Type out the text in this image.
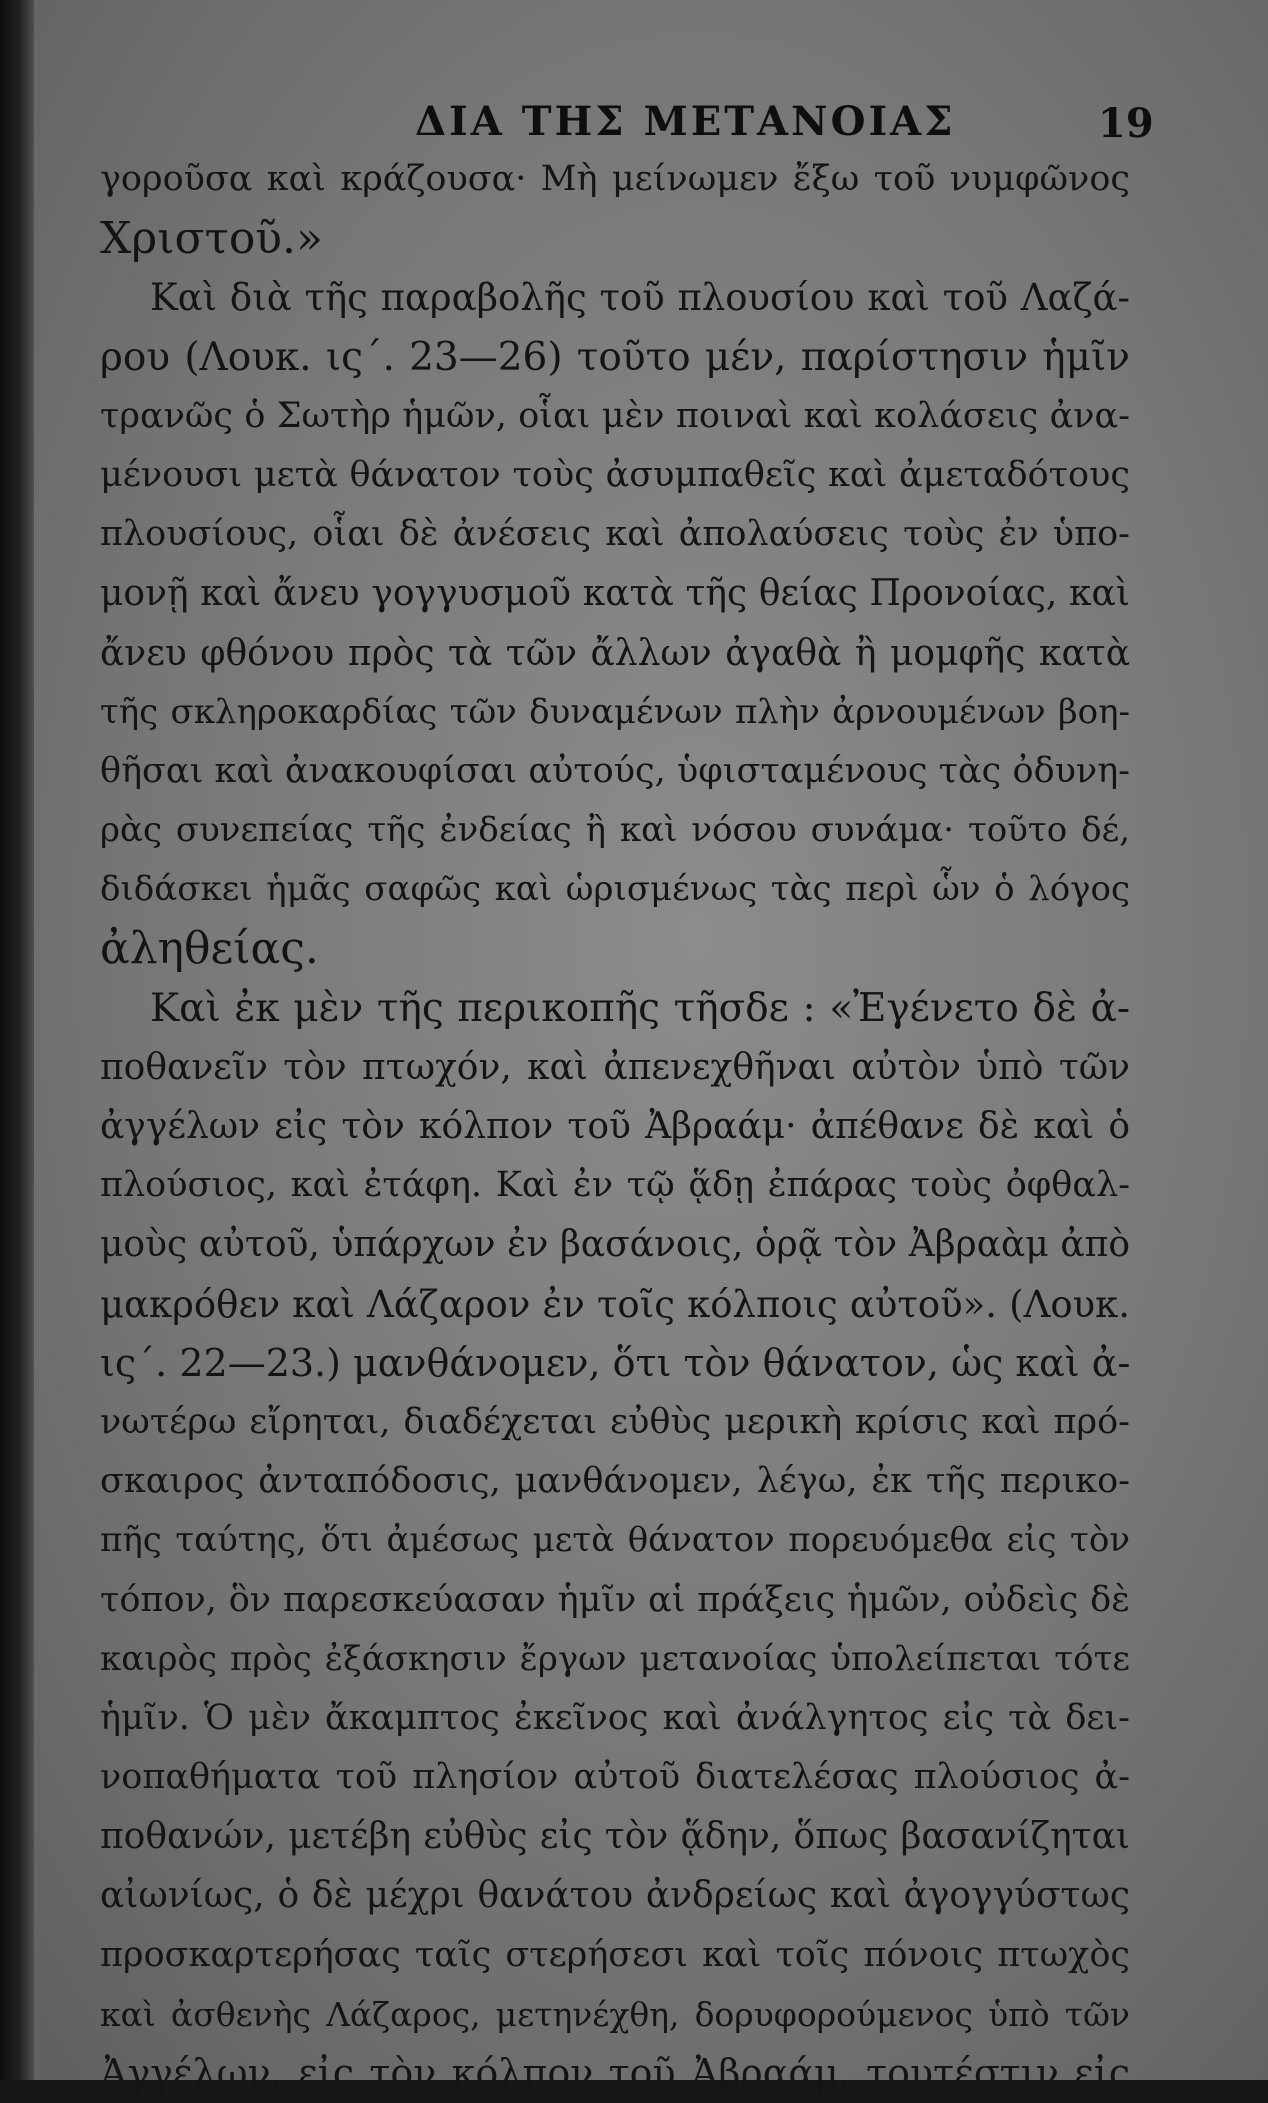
ΔΙΑ ΤΗΣ ΜΕΤΑΝΟΙΑΣ	19
γοροῦσα καὶ κράζουσα· Μὴ μείνωμεν ἔξω τοῦ νυμφῶνος
Χριστοῦ.»
Καὶ διὰ τῆς παραβολῆς τοῦ πλουσίου καὶ τοῦ Λαζά-
ρου (Λουκ. ις΄. 23—26) τοῦτο μέν, παρίστησιν ἡμῖν
τρανῶς ὁ Σωτὴρ ἡμῶν, οἷαι μὲν ποιναὶ καὶ κολάσεις ἀνα-
μένουσι μετὰ θάνατον τοὺς ἀσυμπαθεῖς καὶ ἀμεταδότους
πλουσίους, οἷαι δὲ ἀνέσεις καὶ ἀπολαύσεις τοὺς ἐν ὑπο-
μονῇ καὶ ἄνευ γογγυσμοῦ κατὰ τῆς θείας Προνοίας, καὶ
ἄνευ φθόνου πρὸς τὰ τῶν ἄλλων ἀγαθὰ ἢ μομφῆς κατὰ
τῆς σκληροκαρδίας τῶν δυναμένων πλὴν ἀρνουμένων βοη-
θῆσαι καὶ ἀνακουφίσαι αὐτούς, ὑφισταμένους τὰς ὀδυνη-
ρὰς συνεπείας τῆς ἐνδείας ἢ καὶ νόσου συνάμα· τοῦτο δέ,
διδάσκει ἡμᾶς σαφῶς καὶ ὡρισμένως τὰς περὶ ὧν ὁ λόγος
ἀληθείας.
Καὶ ἐκ μὲν τῆς περικοπῆς τῆσδε : «Ἐγένετο δὲ ἀ-
ποθανεῖν τὸν πτωχόν, καὶ ἀπενεχθῆναι αὐτὸν ὑπὸ τῶν
ἀγγέλων εἰς τὸν κόλπον τοῦ Ἀβραάμ· ἀπέθανε δὲ καὶ ὁ
πλούσιος, καὶ ἐτάφη. Καὶ ἐν τῷ ᾅδῃ ἐπάρας τοὺς ὀφθαλ-
μοὺς αὐτοῦ, ὑπάρχων ἐν βασάνοις, ὁρᾷ τὸν Ἀβραὰμ ἀπὸ
μακρόθεν καὶ Λάζαρον ἐν τοῖς κόλποις αὐτοῦ». (Λουκ.
ις΄. 22—23.) μανθάνομεν, ὅτι τὸν θάνατον, ὡς καὶ ἀ-
νωτέρω εἴρηται, διαδέχεται εὐθὺς μερικὴ κρίσις καὶ πρό-
σκαιρος ἀνταπόδοσις, μανθάνομεν, λέγω, ἐκ τῆς περικο-
πῆς ταύτης, ὅτι ἀμέσως μετὰ θάνατον πορευόμεθα εἰς τὸν
τόπον, ὃν παρεσκεύασαν ἡμῖν αἱ πράξεις ἡμῶν, οὐδεὶς δὲ
καιρὸς πρὸς ἐξάσκησιν ἔργων μετανοίας ὑπολείπεται τότε
ἡμῖν. Ὁ μὲν ἄκαμπτος ἐκεῖνος καὶ ἀνάλγητος εἰς τὰ δει-
νοπαθήματα τοῦ πλησίον αὐτοῦ διατελέσας πλούσιος ἀ-
ποθανών, μετέβη εὐθὺς εἰς τὸν ᾅδην, ὅπως βασανίζηται
αἰωνίως, ὁ δὲ μέχρι θανάτου ἀνδρείως καὶ ἀγογγύστως
προσκαρτερήσας ταῖς στερήσεσι καὶ τοῖς πόνοις πτωχὸς
καὶ ἀσθενὴς Λάζαρος, μετηνέχθη, δορυφορούμενος ὑπὸ τῶν
Ἀγγέλων, εἰς τὸν κόλπον τοῦ Ἀβραάμ, τουτέστιν εἰς
